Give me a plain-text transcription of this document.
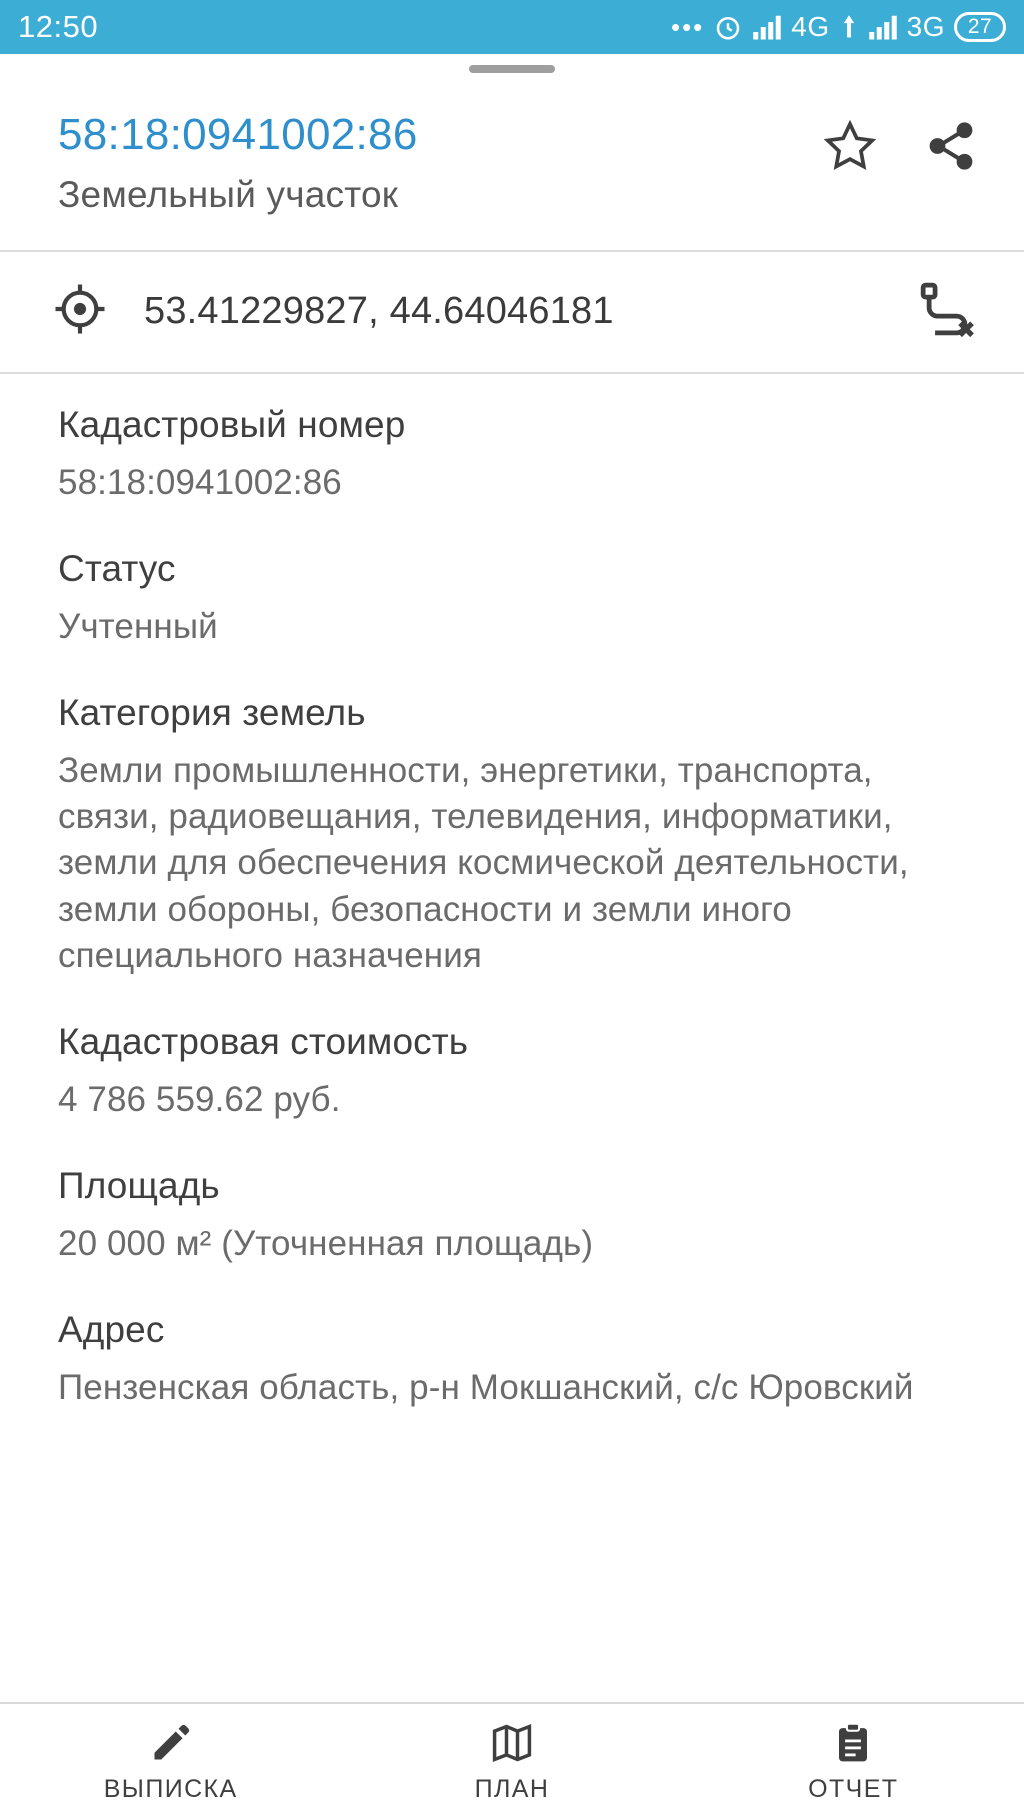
12:50	•••	4G	3G	27
58:18:0941002:86
Земельный участок
53.41229827, 44.64046181
Кадастровый номер
58:18:0941002:86
Статус
Учтенный
Категория земель
Земли промышленности, энергетики, транспорта, связи, радиовещания, телевидения, информатики, земли для обеспечения космической деятельности, земли обороны, безопасности и земли иного специального назначения
Кадастровая стоимость
4 786 559.62 руб.
Площадь
20 000 м² (Уточненная площадь)
Адрес
Пензенская область, р-н Мокшанский, с/с Юровский
ВЫПИСКА	ПЛАН	ОТЧЕТ
